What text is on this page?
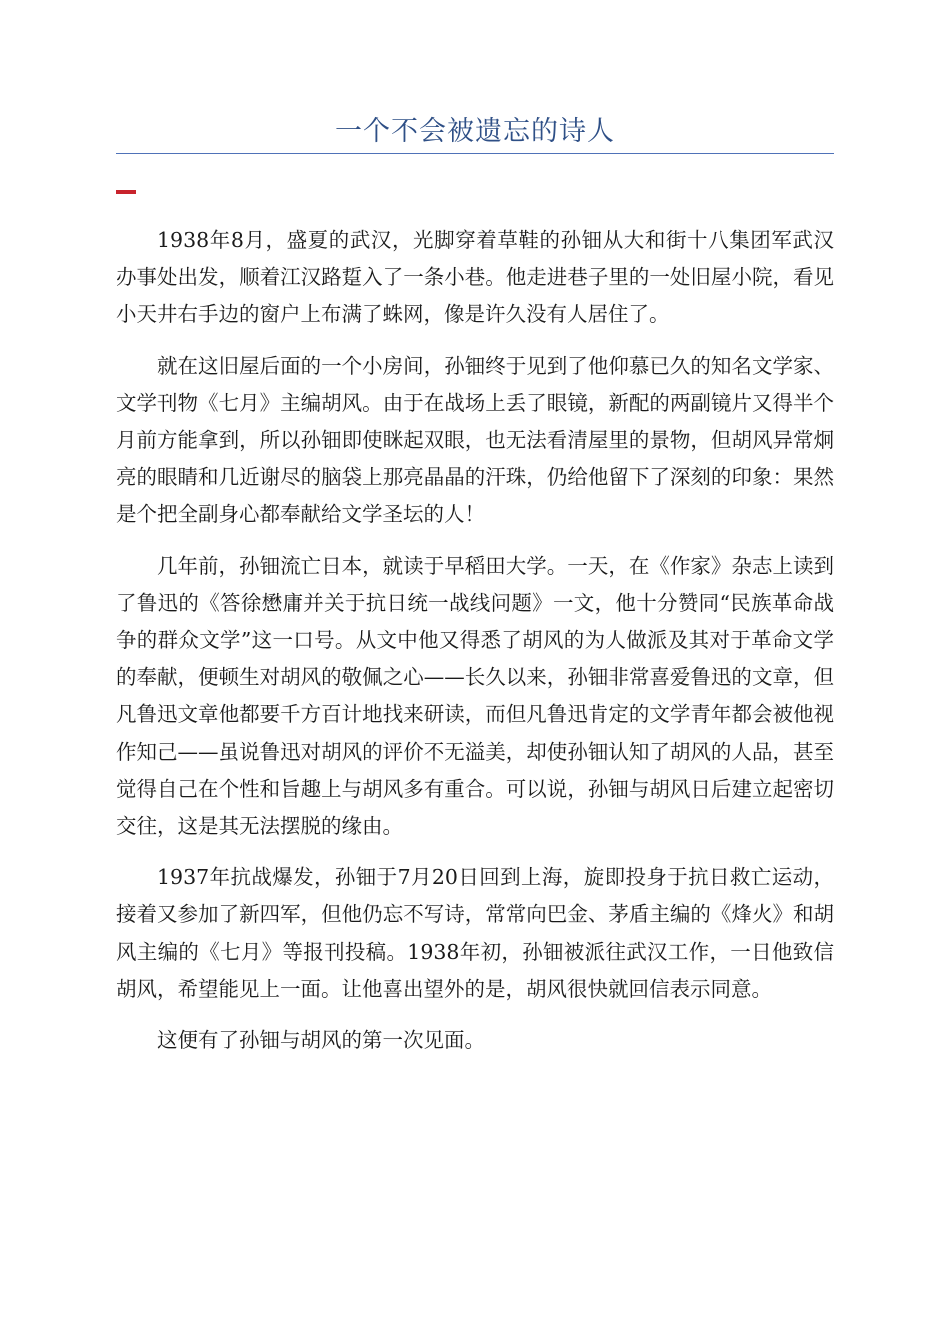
一个不会被遗忘的诗人

1938年8月，盛夏的武汉，光脚穿着草鞋的孙钿从大和街十八集团军武汉办事处出发，顺着江汉路踅入了一条小巷。他走进巷子里的一处旧屋小院，看见小天井右手边的窗户上布满了蛛网，像是许久没有人居住了。

就在这旧屋后面的一个小房间，孙钿终于见到了他仰慕已久的知名文学家、文学刊物《七月》主编胡风。由于在战场上丢了眼镜，新配的两副镜片又得半个月前方能拿到，所以孙钿即使眯起双眼，也无法看清屋里的景物，但胡风异常炯亮的眼睛和几近谢尽的脑袋上那亮晶晶的汗珠，仍给他留下了深刻的印象：果然是个把全副身心都奉献给文学圣坛的人！

几年前，孙钿流亡日本，就读于早稻田大学。一天，在《作家》杂志上读到了鲁迅的《答徐懋庸并关于抗日统一战线问题》一文，他十分赞同“民族革命战争的群众文学”这一口号。从文中他又得悉了胡风的为人做派及其对于革命文学的奉献，便顿生对胡风的敬佩之心——长久以来，孙钿非常喜爱鲁迅的文章，但凡鲁迅文章他都要千方百计地找来研读，而但凡鲁迅肯定的文学青年都会被他视作知己——虽说鲁迅对胡风的评价不无溢美，却使孙钿认知了胡风的人品，甚至觉得自己在个性和旨趣上与胡风多有重合。可以说，孙钿与胡风日后建立起密切交往，这是其无法摆脱的缘由。

1937年抗战爆发，孙钿于7月20日回到上海，旋即投身于抗日救亡运动，接着又参加了新四军，但他仍忘不写诗，常常向巴金、茅盾主编的《烽火》和胡风主编的《七月》等报刊投稿。1938年初，孙钿被派往武汉工作，一日他致信胡风，希望能见上一面。让他喜出望外的是，胡风很快就回信表示同意。

这便有了孙钿与胡风的第一次见面。
